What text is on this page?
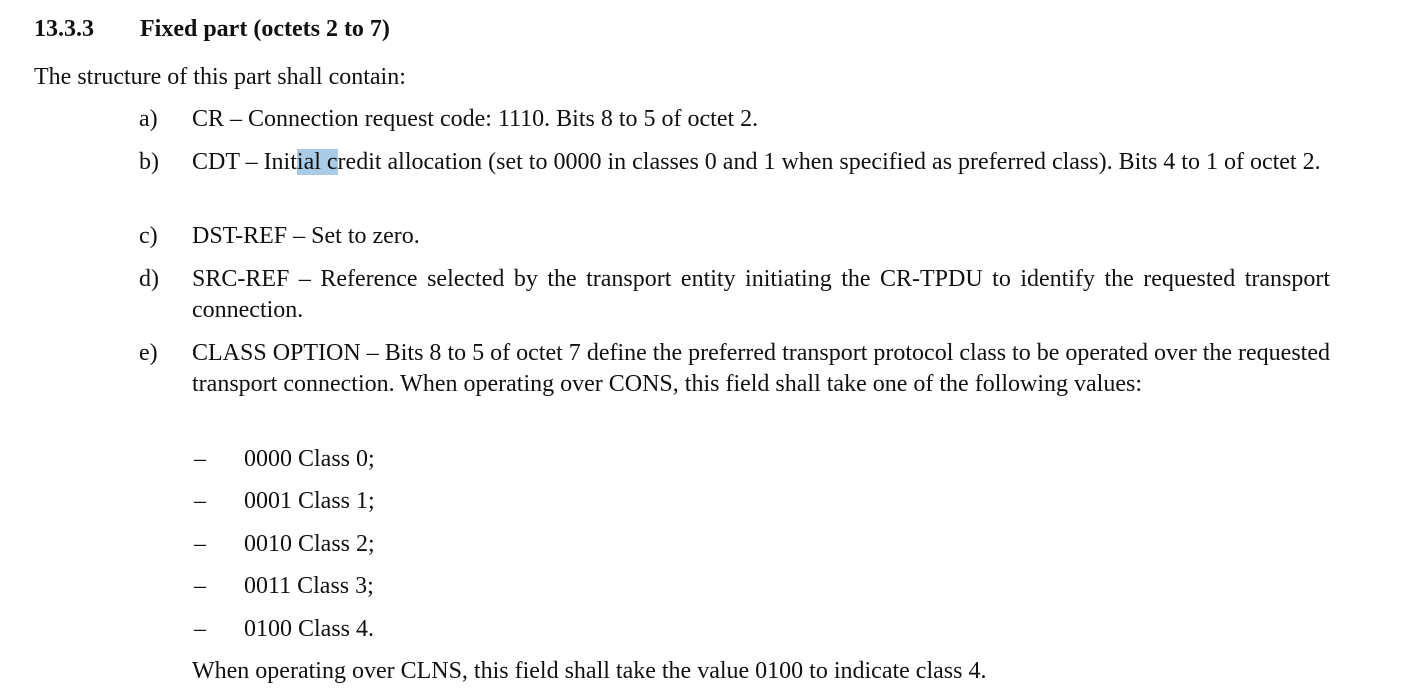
13.3.3 Fixed part (octets 2 to 7)
The structure of this part shall contain:
a) CR – Connection request code: 1110. Bits 8 to 5 of octet 2.
b) CDT – Initial credit allocation (set to 0000 in classes 0 and 1 when specified as preferred class). Bits 4 to 1 of octet 2.
c) DST-REF – Set to zero.
d) SRC-REF – Reference selected by the transport entity initiating the CR-TPDU to identify the requested transport connection.
e) CLASS OPTION – Bits 8 to 5 of octet 7 define the preferred transport protocol class to be operated over the requested transport connection. When operating over CONS, this field shall take one of the following values:
– 0000 Class 0;
– 0001 Class 1;
– 0010 Class 2;
– 0011 Class 3;
– 0100 Class 4.
When operating over CLNS, this field shall take the value 0100 to indicate class 4.
